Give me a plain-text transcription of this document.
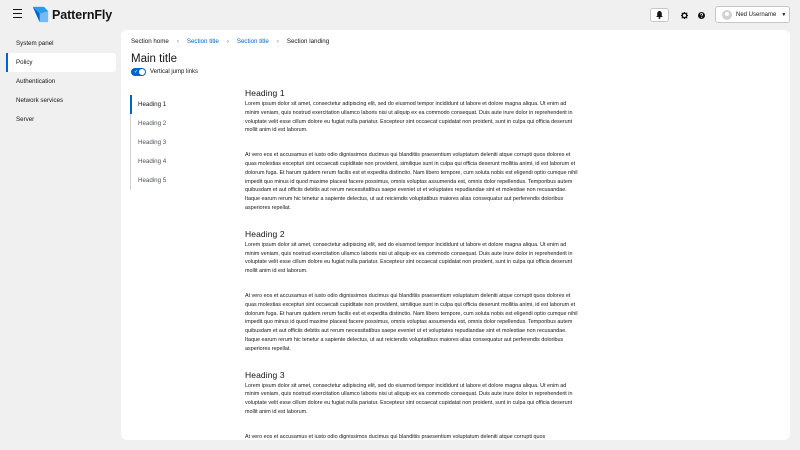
PatternFly	Ned Username ▼
System panel
Policy
Authentication
Network services
Server
Section home › Section title › Section title › Section landing
Main title
✓ Vertical jump links
Heading 1
Heading 2
Heading 3
Heading 4
Heading 5
Heading 1

Lorem ipsum dolor sit amet, consectetur adipiscing elit, sed do eiusmod tempor incididunt ut labore et dolore magna aliqua. Ut enim ad minim veniam, quis nostrud exercitation ullamco laboris nisi ut aliquip ex ea commodo consequat. Duis aute irure dolor in reprehenderit in voluptate velit esse cillum dolore eu fugiat nulla pariatur. Excepteur sint occaecat cupidatat non proident, sunt in culpa qui officia deserunt mollit anim id est laborum.

At vero eos et accusamus et iusto odio dignissimos ducimus qui blanditiis praesentium voluptatum deleniti atque corrupti quos dolores et quas molestias excepturi sint occaecati cupiditate non provident, similique sunt in culpa qui officia deserunt mollitia animi, id est laborum et dolorum fuga. Et harum quidem rerum facilis est et expedita distinctio. Nam libero tempore, cum soluta nobis est eligendi optio cumque nihil impedit quo minus id quod maxime placeat facere possimus, omnis voluptas assumenda est, omnis dolor repellendus. Temporibus autem quibusdam et aut officiis debitis aut rerum necessitatibus saepe eveniet ut et voluptates repudiandae sint et molestiae non recusandae. Itaque earum rerum hic tenetur a sapiente delectus, ut aut reiciendis voluptatibus maiores alias consequatur aut perferendis doloribus asperiores repellat.

Heading 2

Lorem ipsum dolor sit amet, consectetur adipiscing elit, sed do eiusmod tempor incididunt ut labore et dolore magna aliqua. Ut enim ad minim veniam, quis nostrud exercitation ullamco laboris nisi ut aliquip ex ea commodo consequat. Duis aute irure dolor in reprehenderit in voluptate velit esse cillum dolore eu fugiat nulla pariatur. Excepteur sint occaecat cupidatat non proident, sunt in culpa qui officia deserunt mollit anim id est laborum.

At vero eos et accusamus et iusto odio dignissimos ducimus qui blanditiis praesentium voluptatum deleniti atque corrupti quos dolores et quas molestias excepturi sint occaecati cupiditate non provident, similique sunt in culpa qui officia deserunt mollitia animi, id est laborum et dolorum fuga. Et harum quidem rerum facilis est et expedita distinctio. Nam libero tempore, cum soluta nobis est eligendi optio cumque nihil impedit quo minus id quod maxime placeat facere possimus, omnis voluptas assumenda est, omnis dolor repellendus. Temporibus autem quibusdam et aut officiis debitis aut rerum necessitatibus saepe eveniet ut et voluptates repudiandae sint et molestiae non recusandae. Itaque earum rerum hic tenetur a sapiente delectus, ut aut reiciendis voluptatibus maiores alias consequatur aut perferendis doloribus asperiores repellat.

Heading 3

Lorem ipsum dolor sit amet, consectetur adipiscing elit, sed do eiusmod tempor incididunt ut labore et dolore magna aliqua. Ut enim ad minim veniam, quis nostrud exercitation ullamco laboris nisi ut aliquip ex ea commodo consequat. Duis aute irure dolor in reprehenderit in voluptate velit esse cillum dolore eu fugiat nulla pariatur. Excepteur sint occaecat cupidatat non proident, sunt in culpa qui officia deserunt mollit anim id est laborum.

At vero eos et accusamus et iusto odio dignissimos ducimus qui blanditiis praesentium voluptatum deleniti atque corrupti quos
